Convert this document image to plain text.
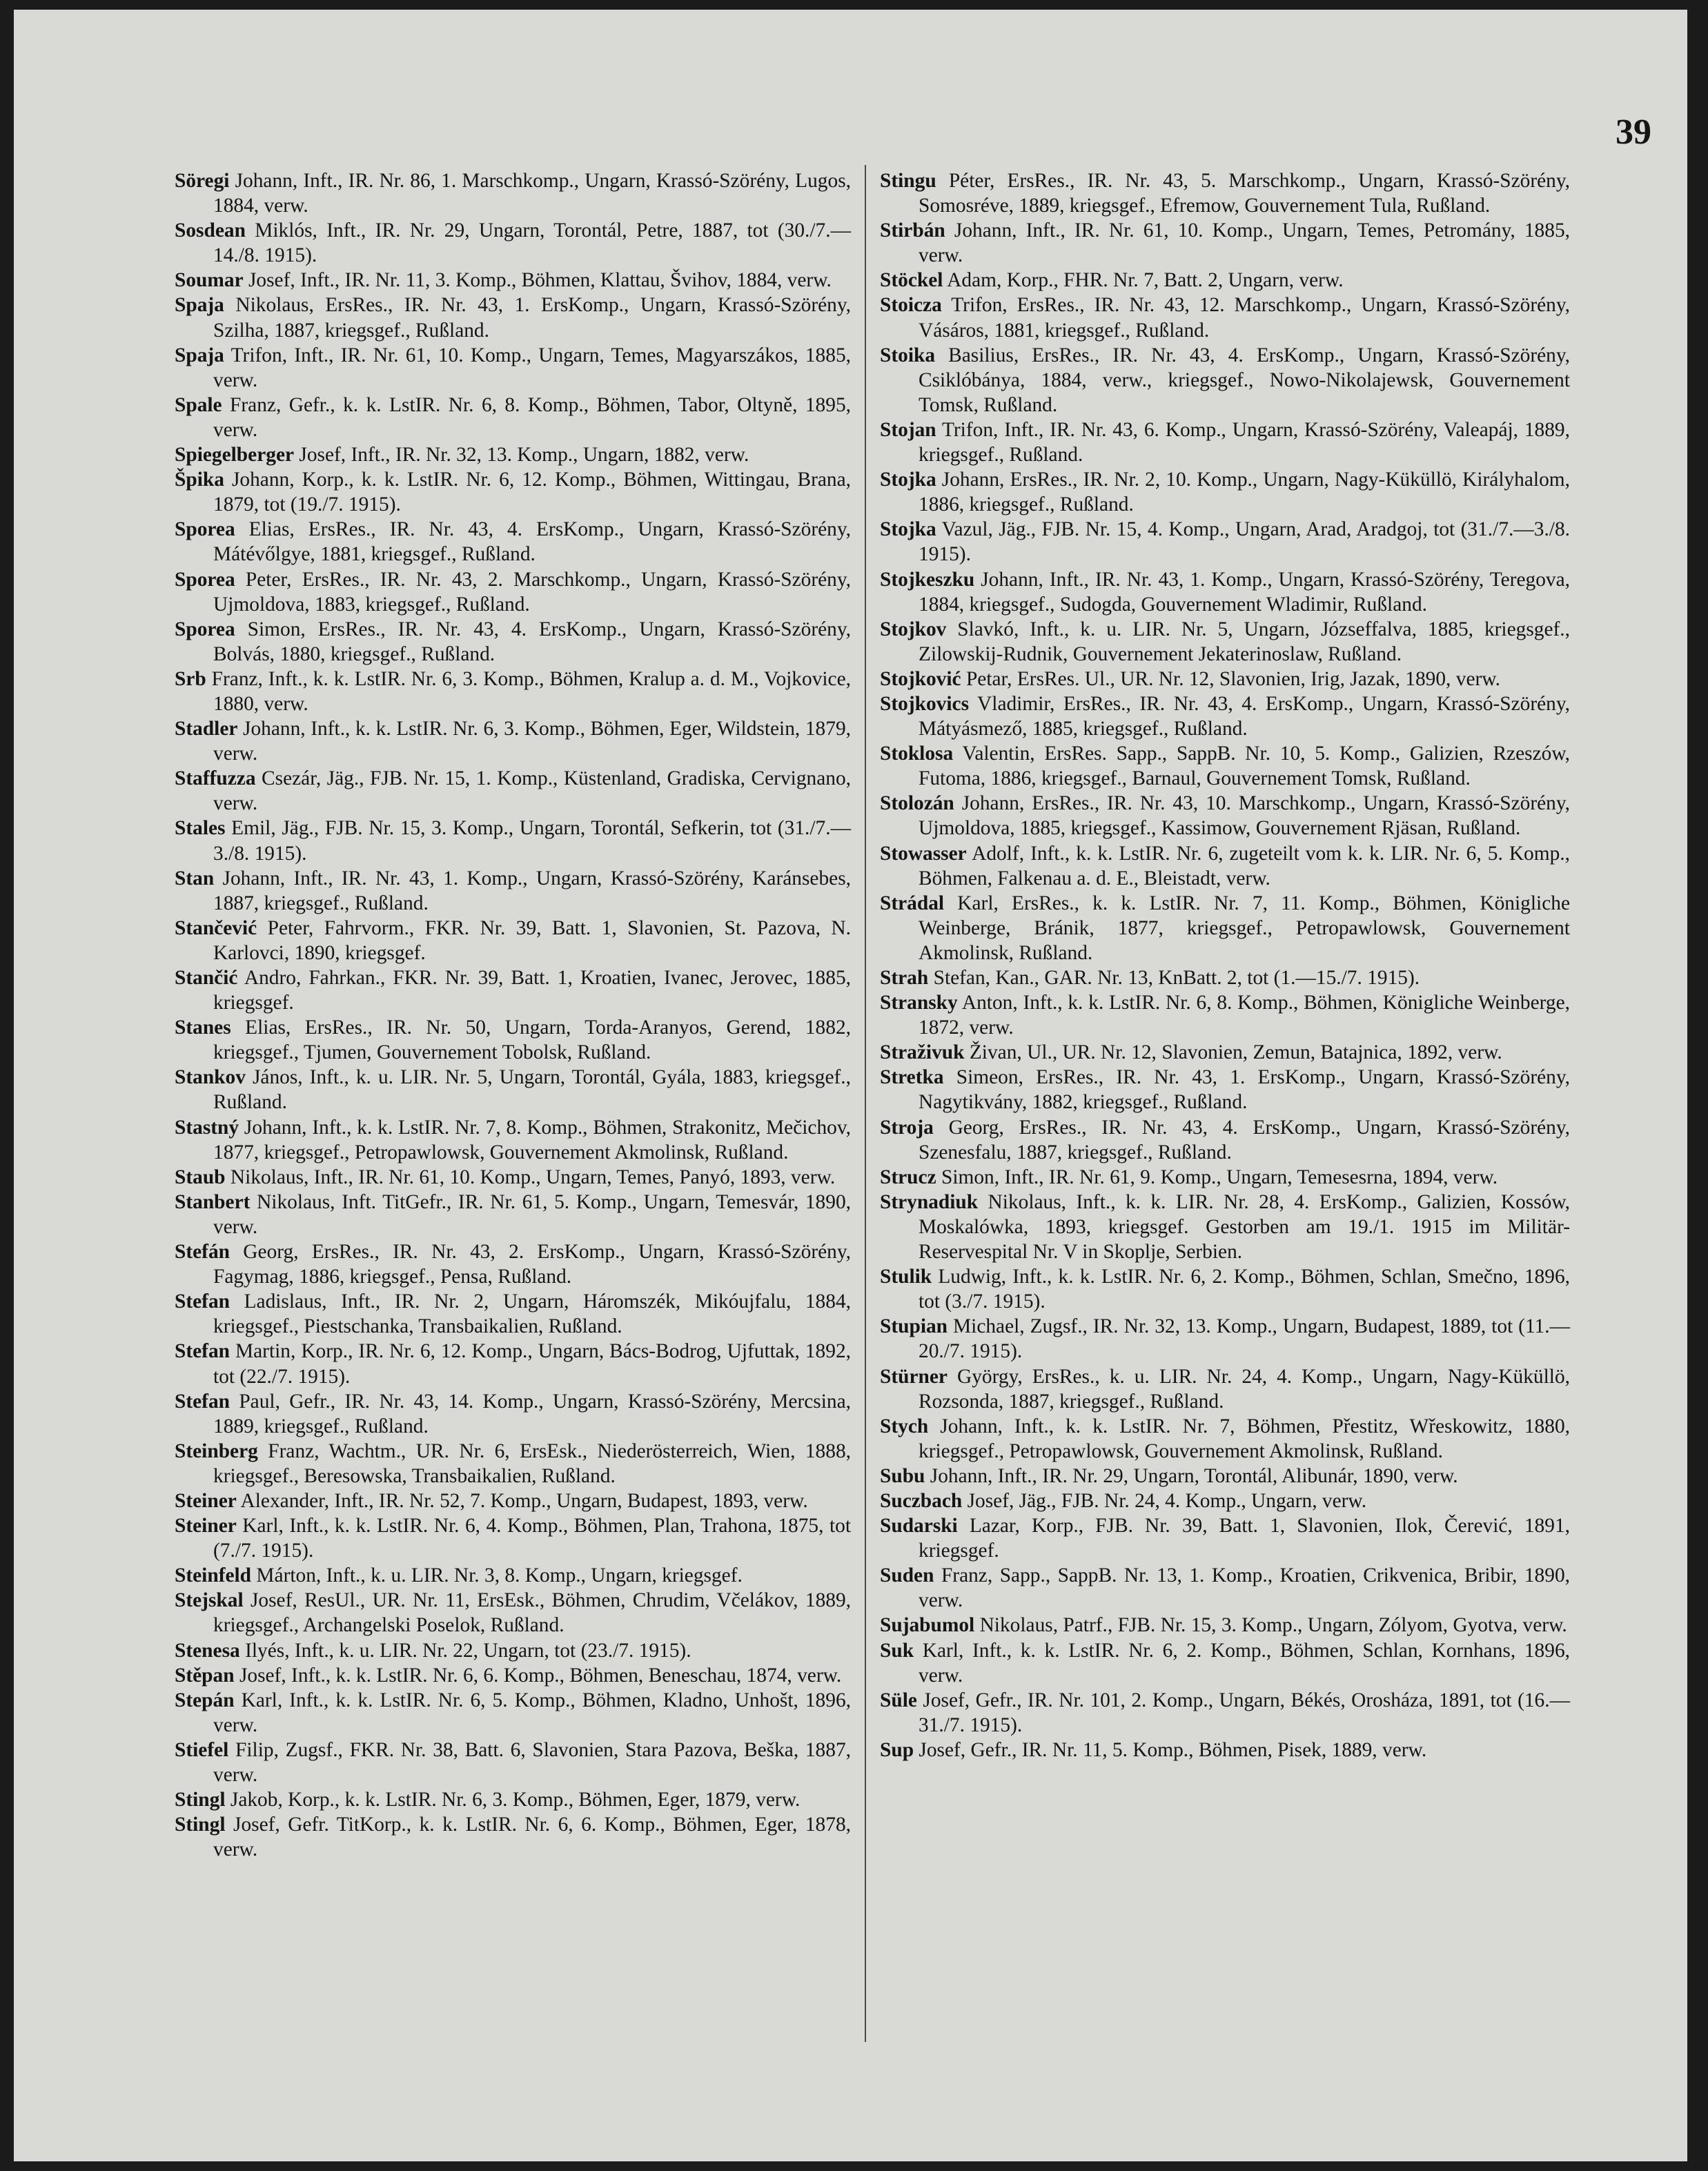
39

Söregi Johann, Inft., IR. Nr. 86, 1. Marschkomp., Ungarn, Krassó-Szörény, Lugos, 1884, verw.

Sosdean Miklós, Inft., IR. Nr. 29, Ungarn, Torontál, Petre, 1887, tot (30./7.—14./8. 1915).

Soumar Josef, Inft., IR. Nr. 11, 3. Komp., Böhmen, Klattau, Švihov, 1884, verw.

Spaja Nikolaus, ErsRes., IR. Nr. 43, 1. ErsKomp., Ungarn, Krassó-Szörény, Szilha, 1887, kriegsgef., Rußland.

Spaja Trifon, Inft., IR. Nr. 61, 10. Komp., Ungarn, Temes, Magyarszákos, 1885, verw.

Spale Franz, Gefr., k. k. LstIR. Nr. 6, 8. Komp., Böhmen, Tabor, Oltyně, 1895, verw.

Spiegelberger Josef, Inft., IR. Nr. 32, 13. Komp., Ungarn, 1882, verw.

Špika Johann, Korp., k. k. LstIR. Nr. 6, 12. Komp., Böhmen, Wittingau, Brana, 1879, tot (19./7. 1915).

Sporea Elias, ErsRes., IR. Nr. 43, 4. ErsKomp., Ungarn, Krassó-Szörény, Mátévőlgye, 1881, kriegsgef., Rußland.

Sporea Peter, ErsRes., IR. Nr. 43, 2. Marschkomp., Ungarn, Krassó-Szörény, Ujmoldova, 1883, kriegsgef., Rußland.

Sporea Simon, ErsRes., IR. Nr. 43, 4. ErsKomp., Ungarn, Krassó-Szörény, Bolvás, 1880, kriegsgef., Rußland.

Srb Franz, Inft., k. k. LstIR. Nr. 6, 3. Komp., Böhmen, Kralup a. d. M., Vojkovice, 1880, verw.

Stadler Johann, Inft., k. k. LstIR. Nr. 6, 3. Komp., Böhmen, Eger, Wildstein, 1879, verw.

Staffuzza Csezár, Jäg., FJB. Nr. 15, 1. Komp., Küstenland, Gradiska, Cervignano, verw.

Stales Emil, Jäg., FJB. Nr. 15, 3. Komp., Ungarn, Torontál, Sefkerin, tot (31./7.—3./8. 1915).

Stan Johann, Inft., IR. Nr. 43, 1. Komp., Ungarn, Krassó-Szörény, Karánsebes, 1887, kriegsgef., Rußland.

Stančević Peter, Fahrvorm., FKR. Nr. 39, Batt. 1, Slavonien, St. Pazova, N. Karlovci, 1890, kriegsgef.

Stančić Andro, Fahrkan., FKR. Nr. 39, Batt. 1, Kroatien, Ivanec, Jerovec, 1885, kriegsgef.

Stanes Elias, ErsRes., IR. Nr. 50, Ungarn, Torda-Aranyos, Gerend, 1882, kriegsgef., Tjumen, Gouvernement Tobolsk, Rußland.

Stankov János, Inft., k. u. LIR. Nr. 5, Ungarn, Torontál, Gyála, 1883, kriegsgef., Rußland.

Stastný Johann, Inft., k. k. LstIR. Nr. 7, 8. Komp., Böhmen, Strakonitz, Mečichov, 1877, kriegsgef., Petropawlowsk, Gouvernement Akmolinsk, Rußland.

Staub Nikolaus, Inft., IR. Nr. 61, 10. Komp., Ungarn, Temes, Panyó, 1893, verw.

Stanbert Nikolaus, Inft. TitGefr., IR. Nr. 61, 5. Komp., Ungarn, Temesvár, 1890, verw.

Stefán Georg, ErsRes., IR. Nr. 43, 2. ErsKomp., Ungarn, Krassó-Szörény, Fagymag, 1886, kriegsgef., Pensa, Rußland.

Stefan Ladislaus, Inft., IR. Nr. 2, Ungarn, Háromszék, Mikóujfalu, 1884, kriegsgef., Piestschanka, Transbaikalien, Rußland.

Stefan Martin, Korp., IR. Nr. 6, 12. Komp., Ungarn, Bács-Bodrog, Ujfuttak, 1892, tot (22./7. 1915).

Stefan Paul, Gefr., IR. Nr. 43, 14. Komp., Ungarn, Krassó-Szörény, Mercsina, 1889, kriegsgef., Rußland.

Steinberg Franz, Wachtm., UR. Nr. 6, ErsEsk., Niederösterreich, Wien, 1888, kriegsgef., Beresowska, Transbaikalien, Rußland.

Steiner Alexander, Inft., IR. Nr. 52, 7. Komp., Ungarn, Budapest, 1893, verw.

Steiner Karl, Inft., k. k. LstIR. Nr. 6, 4. Komp., Böhmen, Plan, Trahona, 1875, tot (7./7. 1915).

Steinfeld Márton, Inft., k. u. LIR. Nr. 3, 8. Komp., Ungarn, kriegsgef.

Stejskal Josef, ResUl., UR. Nr. 11, ErsEsk., Böhmen, Chrudim, Včelákov, 1889, kriegsgef., Archangelski Poselok, Rußland.

Stenesa Ilyés, Inft., k. u. LIR. Nr. 22, Ungarn, tot (23./7. 1915).

Stěpan Josef, Inft., k. k. LstIR. Nr. 6, 6. Komp., Böhmen, Beneschau, 1874, verw.

Stepán Karl, Inft., k. k. LstIR. Nr. 6, 5. Komp., Böhmen, Kladno, Unhošt, 1896, verw.

Stiefel Filip, Zugsf., FKR. Nr. 38, Batt. 6, Slavonien, Stara Pazova, Beška, 1887, verw.

Stingl Jakob, Korp., k. k. LstIR. Nr. 6, 3. Komp., Böhmen, Eger, 1879, verw.

Stingl Josef, Gefr. TitKorp., k. k. LstIR. Nr. 6, 6. Komp., Böhmen, Eger, 1878, verw.

Stingu Péter, ErsRes., IR. Nr. 43, 5. Marschkomp., Ungarn, Krassó-Szörény, Somosréve, 1889, kriegsgef., Efremow, Gouvernement Tula, Rußland.

Stirbán Johann, Inft., IR. Nr. 61, 10. Komp., Ungarn, Temes, Petromány, 1885, verw.

Stöckel Adam, Korp., FHR. Nr. 7, Batt. 2, Ungarn, verw.

Stoicza Trifon, ErsRes., IR. Nr. 43, 12. Marschkomp., Ungarn, Krassó-Szörény, Vásáros, 1881, kriegsgef., Rußland.

Stoika Basilius, ErsRes., IR. Nr. 43, 4. ErsKomp., Ungarn, Krassó-Szörény, Csiklóbánya, 1884, verw., kriegsgef., Nowo-Nikolajewsk, Gouvernement Tomsk, Rußland.

Stojan Trifon, Inft., IR. Nr. 43, 6. Komp., Ungarn, Krassó-Szörény, Valeapáj, 1889, kriegsgef., Rußland.

Stojka Johann, ErsRes., IR. Nr. 2, 10. Komp., Ungarn, Nagy-Küküllö, Királyhalom, 1886, kriegsgef., Rußland.

Stojka Vazul, Jäg., FJB. Nr. 15, 4. Komp., Ungarn, Arad, Aradgoj, tot (31./7.—3./8. 1915).

Stojkeszku Johann, Inft., IR. Nr. 43, 1. Komp., Ungarn, Krassó-Szörény, Teregova, 1884, kriegsgef., Sudogda, Gouvernement Wladimir, Rußland.

Stojkov Slavkó, Inft., k. u. LIR. Nr. 5, Ungarn, Józseffalva, 1885, kriegsgef., Zilowskij-Rudnik, Gouvernement Jekaterinoslaw, Rußland.

Stojković Petar, ErsRes. Ul., UR. Nr. 12, Slavonien, Irig, Jazak, 1890, verw.

Stojkovics Vladimir, ErsRes., IR. Nr. 43, 4. ErsKomp., Ungarn, Krassó-Szörény, Mátyásmező, 1885, kriegsgef., Rußland.

Stoklosa Valentin, ErsRes. Sapp., SappB. Nr. 10, 5. Komp., Galizien, Rzeszów, Futoma, 1886, kriegsgef., Barnaul, Gouvernement Tomsk, Rußland.

Stolozán Johann, ErsRes., IR. Nr. 43, 10. Marschkomp., Ungarn, Krassó-Szörény, Ujmoldova, 1885, kriegsgef., Kassimow, Gouvernement Rjäsan, Rußland.

Stowasser Adolf, Inft., k. k. LstIR. Nr. 6, zugeteilt vom k. k. LIR. Nr. 6, 5. Komp., Böhmen, Falkenau a. d. E., Bleistadt, verw.

Strádal Karl, ErsRes., k. k. LstIR. Nr. 7, 11. Komp., Böhmen, Königliche Weinberge, Bránik, 1877, kriegsgef., Petropawlowsk, Gouvernement Akmolinsk, Rußland.

Strah Stefan, Kan., GAR. Nr. 13, KnBatt. 2, tot (1.—15./7. 1915).

Stransky Anton, Inft., k. k. LstIR. Nr. 6, 8. Komp., Böhmen, Königliche Weinberge, 1872, verw.

Straživuk Živan, Ul., UR. Nr. 12, Slavonien, Zemun, Batajnica, 1892, verw.

Stretka Simeon, ErsRes., IR. Nr. 43, 1. ErsKomp., Ungarn, Krassó-Szörény, Nagytikvány, 1882, kriegsgef., Rußland.

Stroja Georg, ErsRes., IR. Nr. 43, 4. ErsKomp., Ungarn, Krassó-Szörény, Szenesfalu, 1887, kriegsgef., Rußland.

Strucz Simon, Inft., IR. Nr. 61, 9. Komp., Ungarn, Temesesrna, 1894, verw.

Strynadiuk Nikolaus, Inft., k. k. LIR. Nr. 28, 4. ErsKomp., Galizien, Kossów, Moskalówka, 1893, kriegsgef. Gestorben am 19./1. 1915 im Militär-Reservespital Nr. V in Skoplje, Serbien.

Stulik Ludwig, Inft., k. k. LstIR. Nr. 6, 2. Komp., Böhmen, Schlan, Smečno, 1896, tot (3./7. 1915).

Stupian Michael, Zugsf., IR. Nr. 32, 13. Komp., Ungarn, Budapest, 1889, tot (11.—20./7. 1915).

Stürner György, ErsRes., k. u. LIR. Nr. 24, 4. Komp., Ungarn, Nagy-Küküllö, Rozsonda, 1887, kriegsgef., Rußland.

Stych Johann, Inft., k. k. LstIR. Nr. 7, Böhmen, Přestitz, Wřeskowitz, 1880, kriegsgef., Petropawlowsk, Gouvernement Akmolinsk, Rußland.

Subu Johann, Inft., IR. Nr. 29, Ungarn, Torontál, Alibunár, 1890, verw.

Suczbach Josef, Jäg., FJB. Nr. 24, 4. Komp., Ungarn, verw.

Sudarski Lazar, Korp., FJB. Nr. 39, Batt. 1, Slavonien, Ilok, Čerević, 1891, kriegsgef.

Suden Franz, Sapp., SappB. Nr. 13, 1. Komp., Kroatien, Crikvenica, Bribir, 1890, verw.

Sujabumol Nikolaus, Patrf., FJB. Nr. 15, 3. Komp., Ungarn, Zólyom, Gyotva, verw.

Suk Karl, Inft., k. k. LstIR. Nr. 6, 2. Komp., Böhmen, Schlan, Kornhans, 1896, verw.

Süle Josef, Gefr., IR. Nr. 101, 2. Komp., Ungarn, Békés, Orosháza, 1891, tot (16.—31./7. 1915).

Sup Josef, Gefr., IR. Nr. 11, 5. Komp., Böhmen, Pisek, 1889, verw.
